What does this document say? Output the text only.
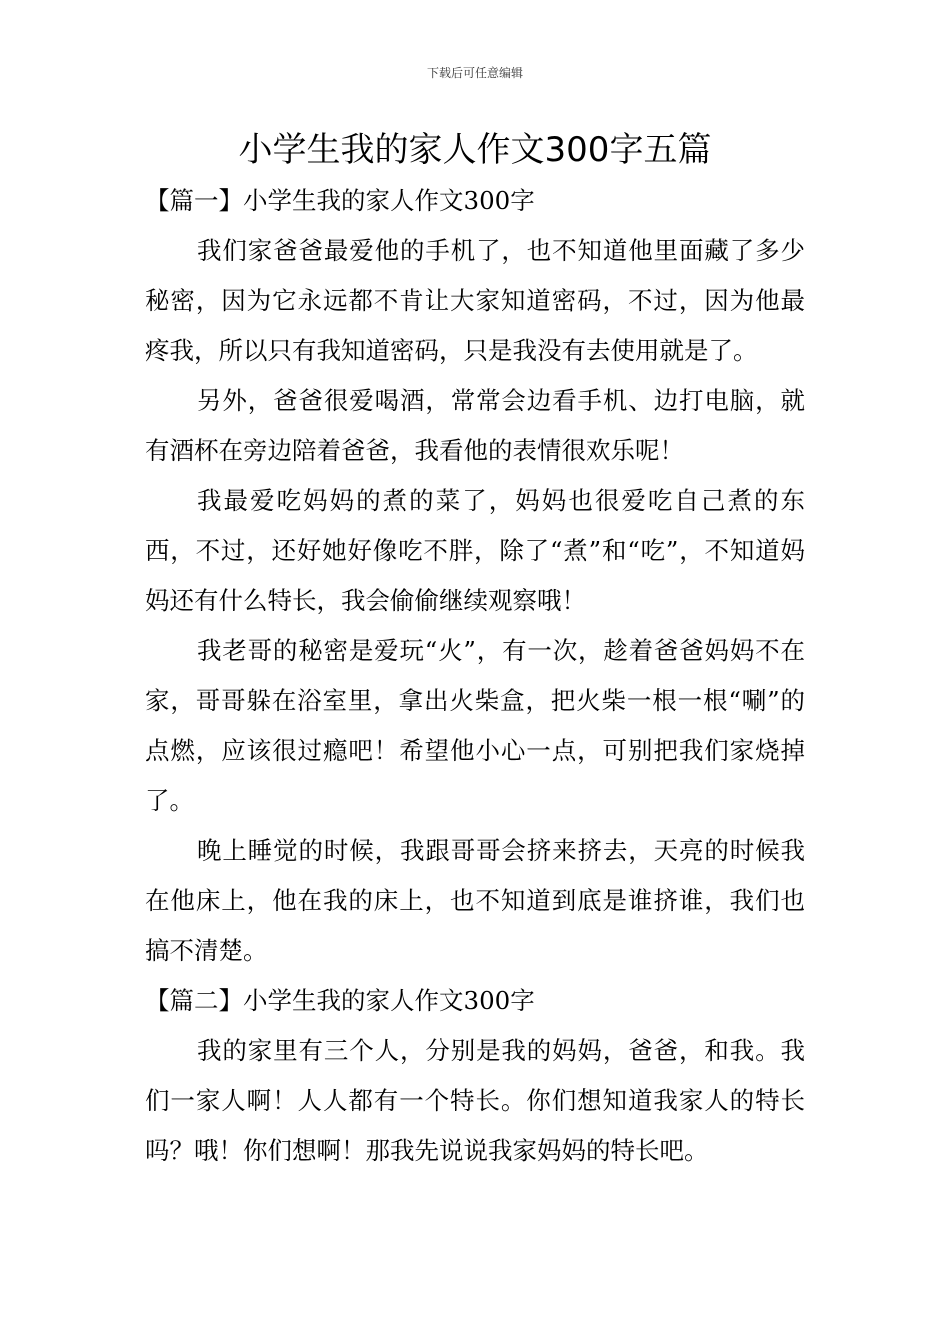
下载后可任意编辑
小学生我的家人作文300字五篇
【篇一】小学生我的家人作文300字

我们家爸爸最爱他的手机了，也不知道他里面藏了多少秘密，因为它永远都不肯让大家知道密码，不过，因为他最疼我，所以只有我知道密码，只是我没有去使用就是了。

另外，爸爸很爱喝酒，常常会边看手机、边打电脑，就有酒杯在旁边陪着爸爸，我看他的表情很欢乐呢！

我最爱吃妈妈的煮的菜了，妈妈也很爱吃自己煮的东西，不过，还好她好像吃不胖，除了“煮”和“吃”，不知道妈妈还有什么特长，我会偷偷继续观察哦！

我老哥的秘密是爱玩“火”，有一次，趁着爸爸妈妈不在家，哥哥躲在浴室里，拿出火柴盒，把火柴一根一根“唰”的点燃，应该很过瘾吧！希望他小心一点，可别把我们家烧掉了。

晚上睡觉的时候，我跟哥哥会挤来挤去，天亮的时候我在他床上，他在我的床上，也不知道到底是谁挤谁，我们也搞不清楚。

【篇二】小学生我的家人作文300字

我的家里有三个人，分别是我的妈妈，爸爸，和我。我们一家人啊！人人都有一个特长。你们想知道我家人的特长吗？哦！你们想啊！那我先说说我家妈妈的特长吧。
